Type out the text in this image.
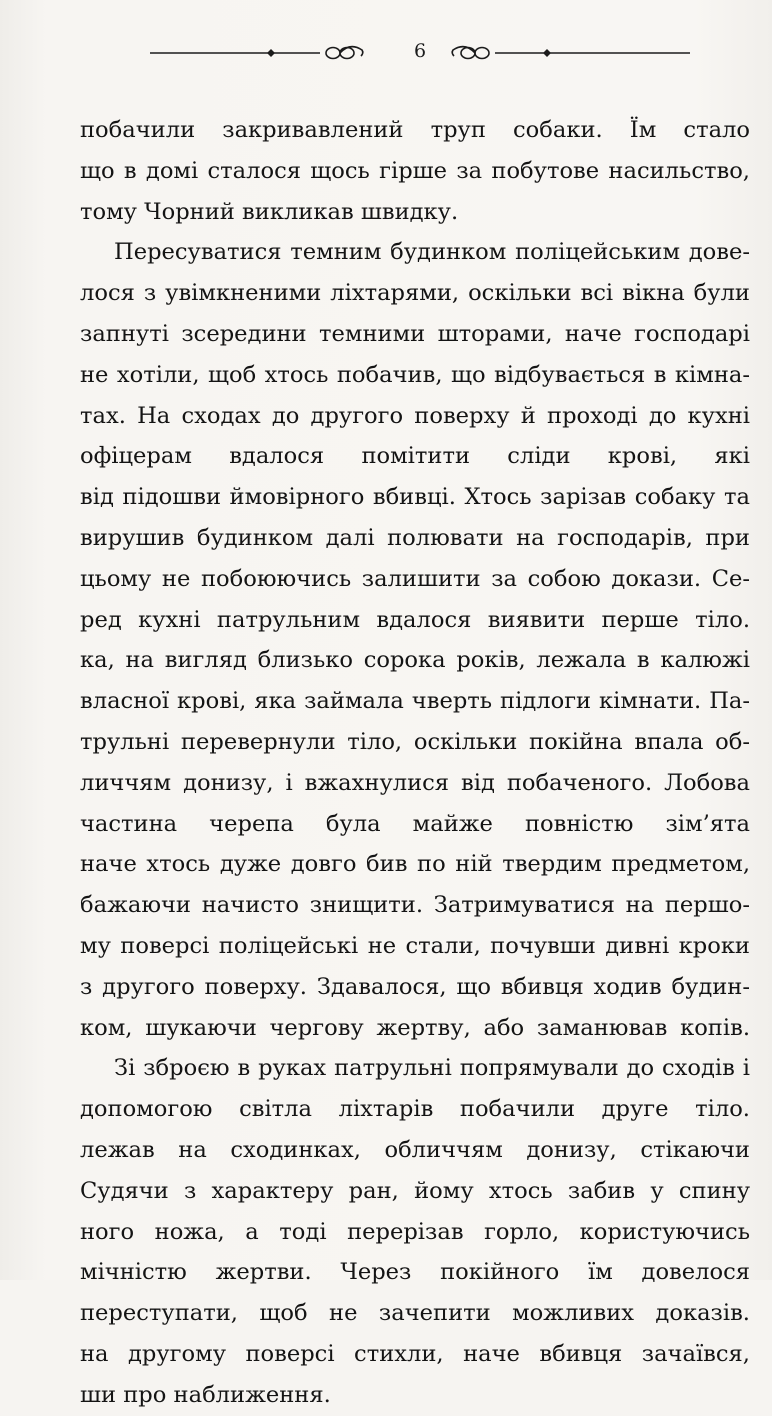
6
побачили закривавлений труп собаки. Їм стало
що в домі сталося щось гірше за побутове насильство,
тому Чорний викликав швидку.
Пересуватися темним будинком поліцейським довe-
лося з увімкненими ліхтарями, оскільки всі вікна були
запнуті зсередини темними шторами, наче господарі
не хотіли, щоб хтось побачив, що відбувається в кімна-
тах. На сходах до другого поверху й проході до кухні
офіцерам вдалося помітити сліди крові, які
від підошви ймовірного вбивці. Хтось зарізав собаку та
вирушив будинком далі полювати на господарів, при
цьому не побоюючись залишити за собою докази. Се-
ред кухні патрульним вдалося виявити перше тіло.
ка, на вигляд близько сорока років, лежала в калюжі
власної крові, яка займала чверть підлоги кімнати. Па-
трульні перевернули тіло, оскільки покійна впала об-
личчям донизу, і вжахнулися від побаченого. Лобова
частина черепа була майже повністю зім’ята
наче хтось дуже довго бив по ній твердим предметом,
бажаючи начисто знищити. Затримуватися на першо-
му поверсі поліцейські не стали, почувши дивні кроки
з другого поверху. Здавалося, що вбивця ходив будин-
ком, шукаючи чергову жертву, або заманював копів.
Зі зброєю в руках патрульні попрямували до сходів і
допомогою світла ліхтарів побачили друге тіло.
лежав на сходинках, обличчям донизу, стікаючи
Судячи з характеру ран, йому хтось забив у спину
ного ножа, а тоді перерізав горло, користуючись
мічністю жертви. Через покійного їм довелося
переступати, щоб не зачепити можливих доказів.
на другому поверсі стихли, наче вбивця зачаївся,
ши про наближення.
